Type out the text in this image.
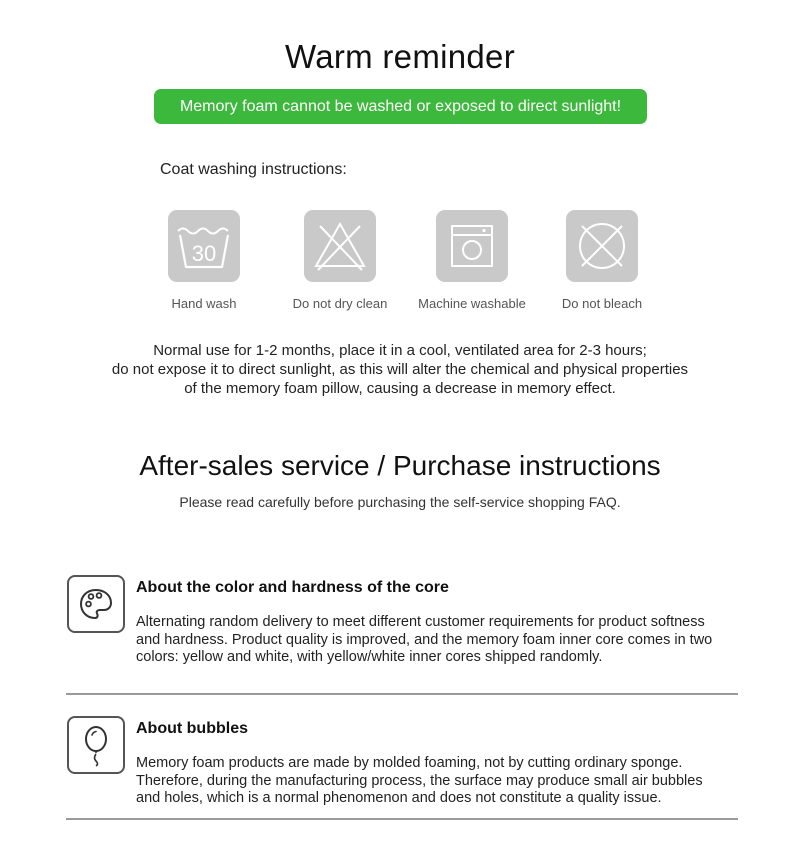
Warm reminder
Memory foam cannot be washed or exposed to direct sunlight!
Coat washing instructions:
30
Hand wash	Do not dry clean	Machine washable	Do not bleach
Normal use for 1-2 months, place it in a cool, ventilated area for 2-3 hours;
do not expose it to direct sunlight, as this will alter the chemical and physical properties
of the memory foam pillow, causing a decrease in memory effect.
After-sales service / Purchase instructions
Please read carefully before purchasing the self-service shopping FAQ.
About the color and hardness of the core
Alternating random delivery to meet different customer requirements for product softness
and hardness. Product quality is improved, and the memory foam inner core comes in two
colors: yellow and white, with yellow/white inner cores shipped randomly.
About bubbles
Memory foam products are made by molded foaming, not by cutting ordinary sponge.
Therefore, during the manufacturing process, the surface may produce small air bubbles
and holes, which is a normal phenomenon and does not constitute a quality issue.
